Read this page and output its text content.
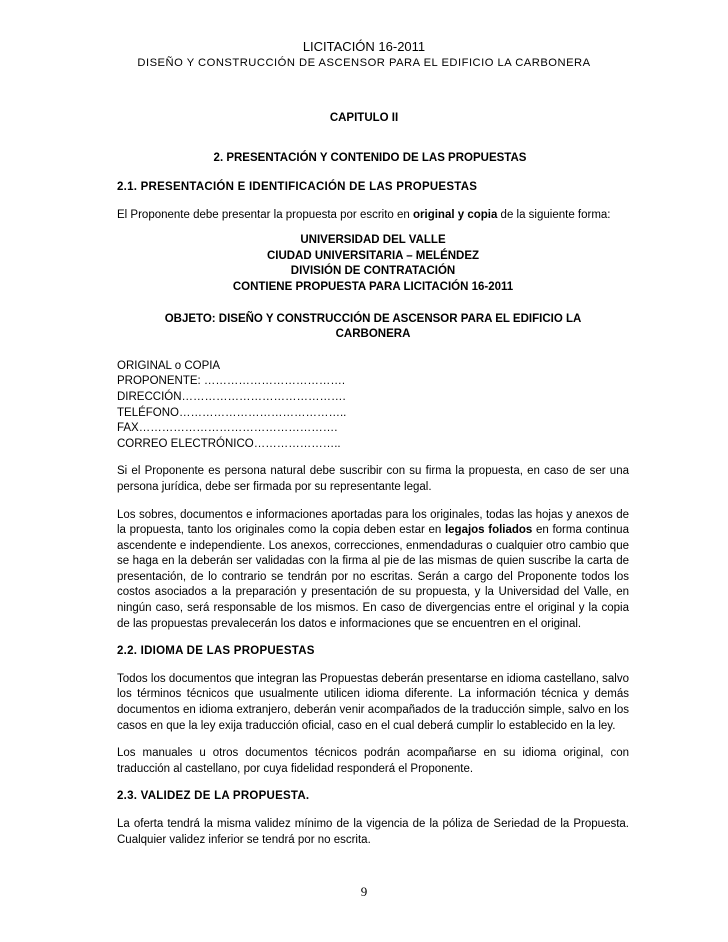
LICITACIÓN 16-2011
DISEÑO Y CONSTRUCCIÓN DE ASCENSOR PARA EL EDIFICIO LA CARBONERA
CAPITULO II
2. PRESENTACIÓN Y CONTENIDO DE LAS PROPUESTAS

2.1. PRESENTACIÓN E IDENTIFICACIÓN DE LAS PROPUESTAS

El Proponente debe presentar la propuesta por escrito en original y copia de la siguiente forma:

UNIVERSIDAD DEL VALLE
CIUDAD UNIVERSITARIA – MELÉNDEZ
DIVISIÓN DE CONTRATACIÓN
CONTIENE PROPUESTA PARA LICITACIÓN 16-2011
OBJETO: DISEÑO Y CONSTRUCCIÓN DE ASCENSOR PARA EL EDIFICIO LA
CARBONERA
ORIGINAL o COPIA
PROPONENTE: ……………………………….
DIRECCIÓN…………………………………….
TELÉFONO……………………………………..
FAX…………………………………………….
CORREO ELECTRÓNICO…………………..

Si el Proponente es persona natural debe suscribir con su firma la propuesta, en caso de ser una persona jurídica, debe ser firmada por su representante legal.

Los sobres, documentos e informaciones aportadas para los originales, todas las hojas y anexos de la propuesta, tanto los originales como la copia deben estar en legajos foliados en forma continua ascendente e independiente. Los anexos, correcciones, enmendaduras o cualquier otro cambio que se haga en la deberán ser validadas con la firma al pie de las mismas de quien suscribe la carta de presentación, de lo contrario se tendrán por no escritas. Serán a cargo del Proponente todos los costos asociados a la preparación y presentación de su propuesta, y la Universidad del Valle, en ningún caso, será responsable de los mismos. En caso de divergencias entre el original y la copia de las propuestas prevalecerán los datos e informaciones que se encuentren en el original.

2.2. IDIOMA DE LAS PROPUESTAS

Todos los documentos que integran las Propuestas deberán presentarse en idioma castellano, salvo los términos técnicos que usualmente utilicen idioma diferente. La información técnica y demás documentos en idioma extranjero, deberán venir acompañados de la traducción simple, salvo en los casos en que la ley exija traducción oficial, caso en el cual deberá cumplir lo establecido en la ley.

Los manuales u otros documentos técnicos podrán acompañarse en su idioma original, con traducción al castellano, por cuya fidelidad responderá el Proponente.

2.3. VALIDEZ DE LA PROPUESTA.

La oferta tendrá la misma validez mínimo de la vigencia de la póliza de Seriedad de la Propuesta. Cualquier validez inferior se tendrá por no escrita.

9
